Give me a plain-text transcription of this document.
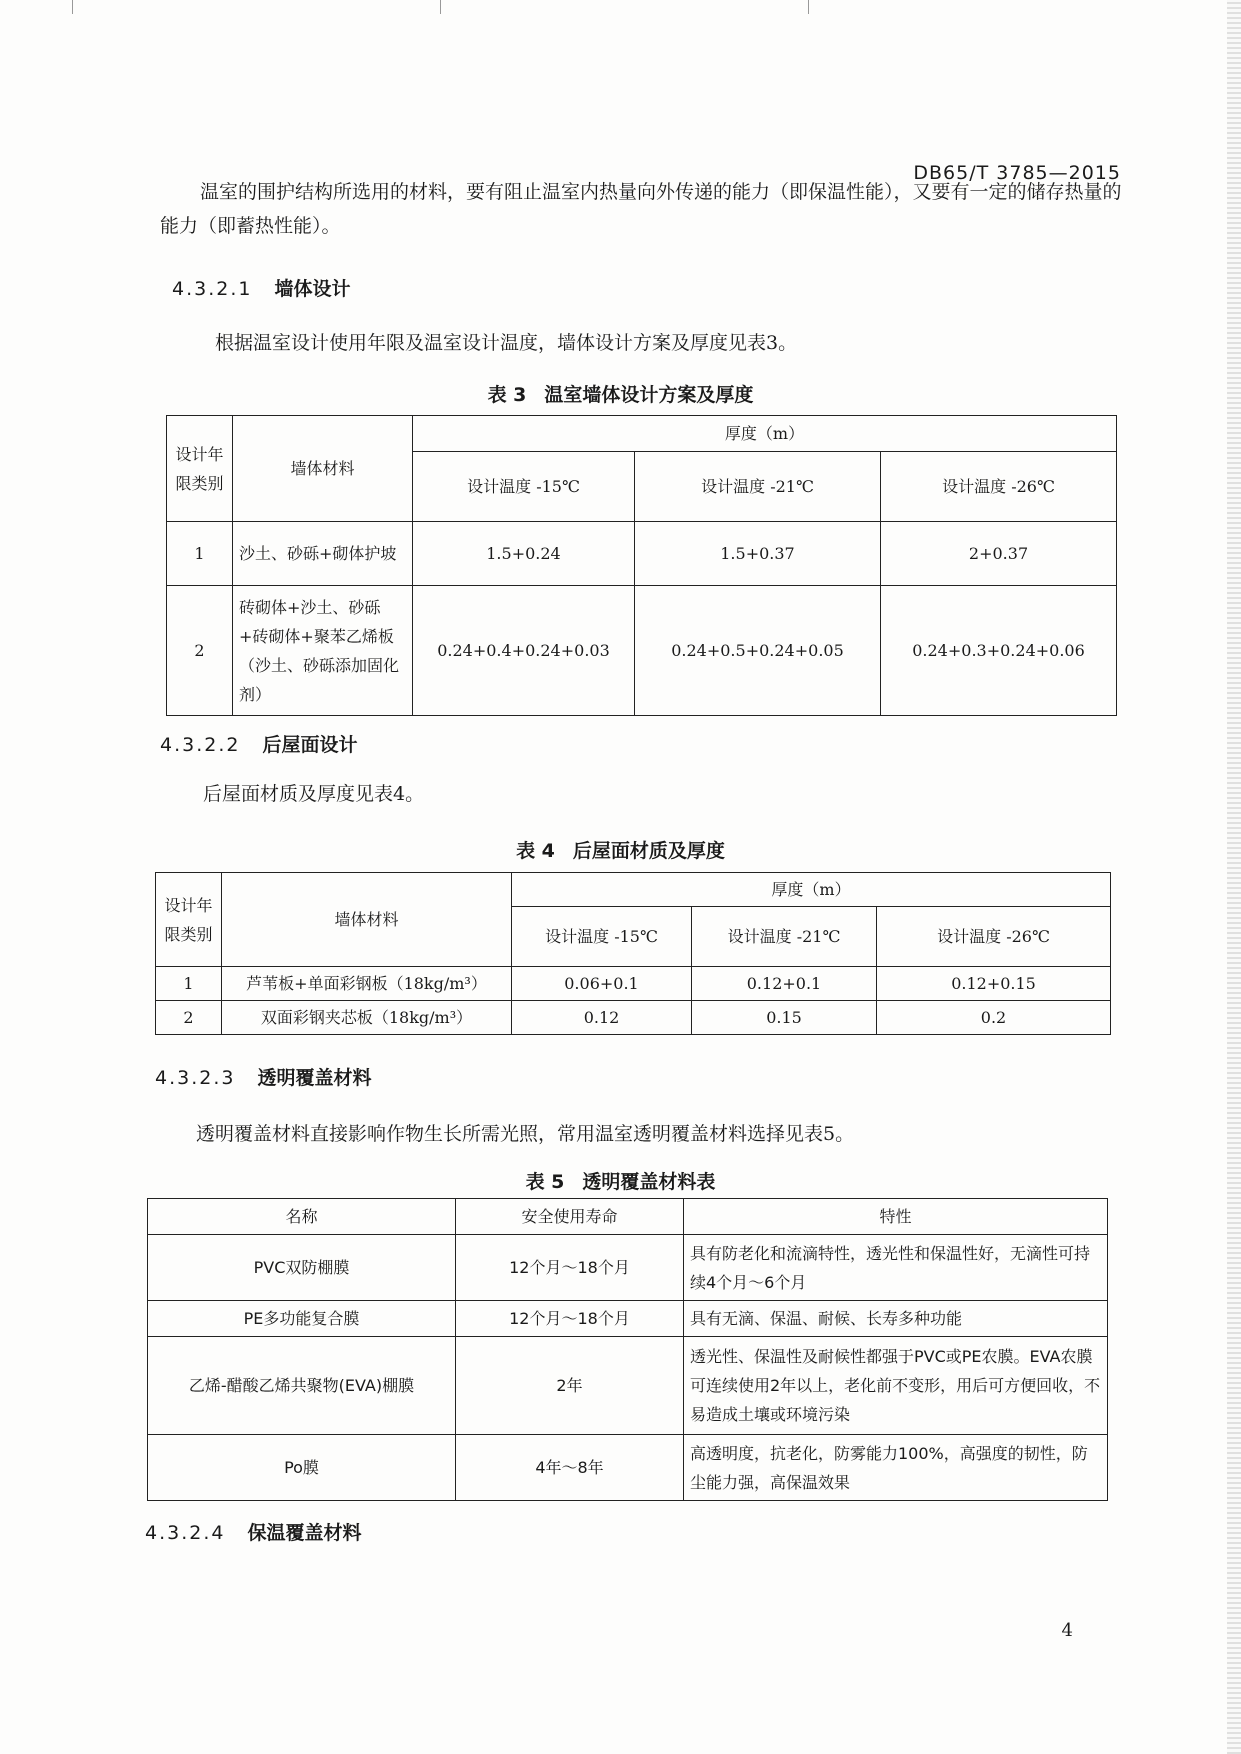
DB65/T 3785—2015
温室的围护结构所选用的材料，要有阻止温室内热量向外传递的能力（即保温性能），又要有一定的储存热量的能力（即蓄热性能）。
4.3.2.1 墙体设计
根据温室设计使用年限及温室设计温度，墙体设计方案及厚度见表3。
表 3 温室墙体设计方案及厚度
设计年限类别	墙体材料	厚度（m）		
		设计温度 -15℃	设计温度 -21℃	设计温度 -26℃
1	沙土、砂砾+砌体护坡	1.5+0.24	1.5+0.37	2+0.37
2	砖砌体+沙土、砂砾+砖砌体+聚苯乙烯板（沙土、砂砾添加固化剂）	0.24+0.4+0.24+0.03	0.24+0.5+0.24+0.05	0.24+0.3+0.24+0.06
4.3.2.2 后屋面设计
后屋面材质及厚度见表4。
表 4 后屋面材质及厚度
设计年限类别	墙体材料	厚度（m）		
		设计温度 -15℃	设计温度 -21℃	设计温度 -26℃
1	芦苇板+单面彩钢板（18kg/m³）	0.06+0.1	0.12+0.1	0.12+0.15
2	双面彩钢夹芯板（18kg/m³）	0.12	0.15	0.2
4.3.2.3 透明覆盖材料
透明覆盖材料直接影响作物生长所需光照，常用温室透明覆盖材料选择见表5。
表 5 透明覆盖材料表
名称	安全使用寿命	特性
PVC双防棚膜	12个月～18个月	具有防老化和流滴特性，透光性和保温性好，无滴性可持续4个月～6个月
PE多功能复合膜	12个月～18个月	具有无滴、保温、耐候、长寿多种功能
乙烯-醋酸乙烯共聚物(EVA)棚膜	2年	透光性、保温性及耐候性都强于PVC或PE农膜。EVA农膜可连续使用2年以上，老化前不变形，用后可方便回收，不易造成土壤或环境污染
Po膜	4年～8年	高透明度，抗老化，防雾能力100%，高强度的韧性，防尘能力强，高保温效果
4.3.2.4 保温覆盖材料
4
